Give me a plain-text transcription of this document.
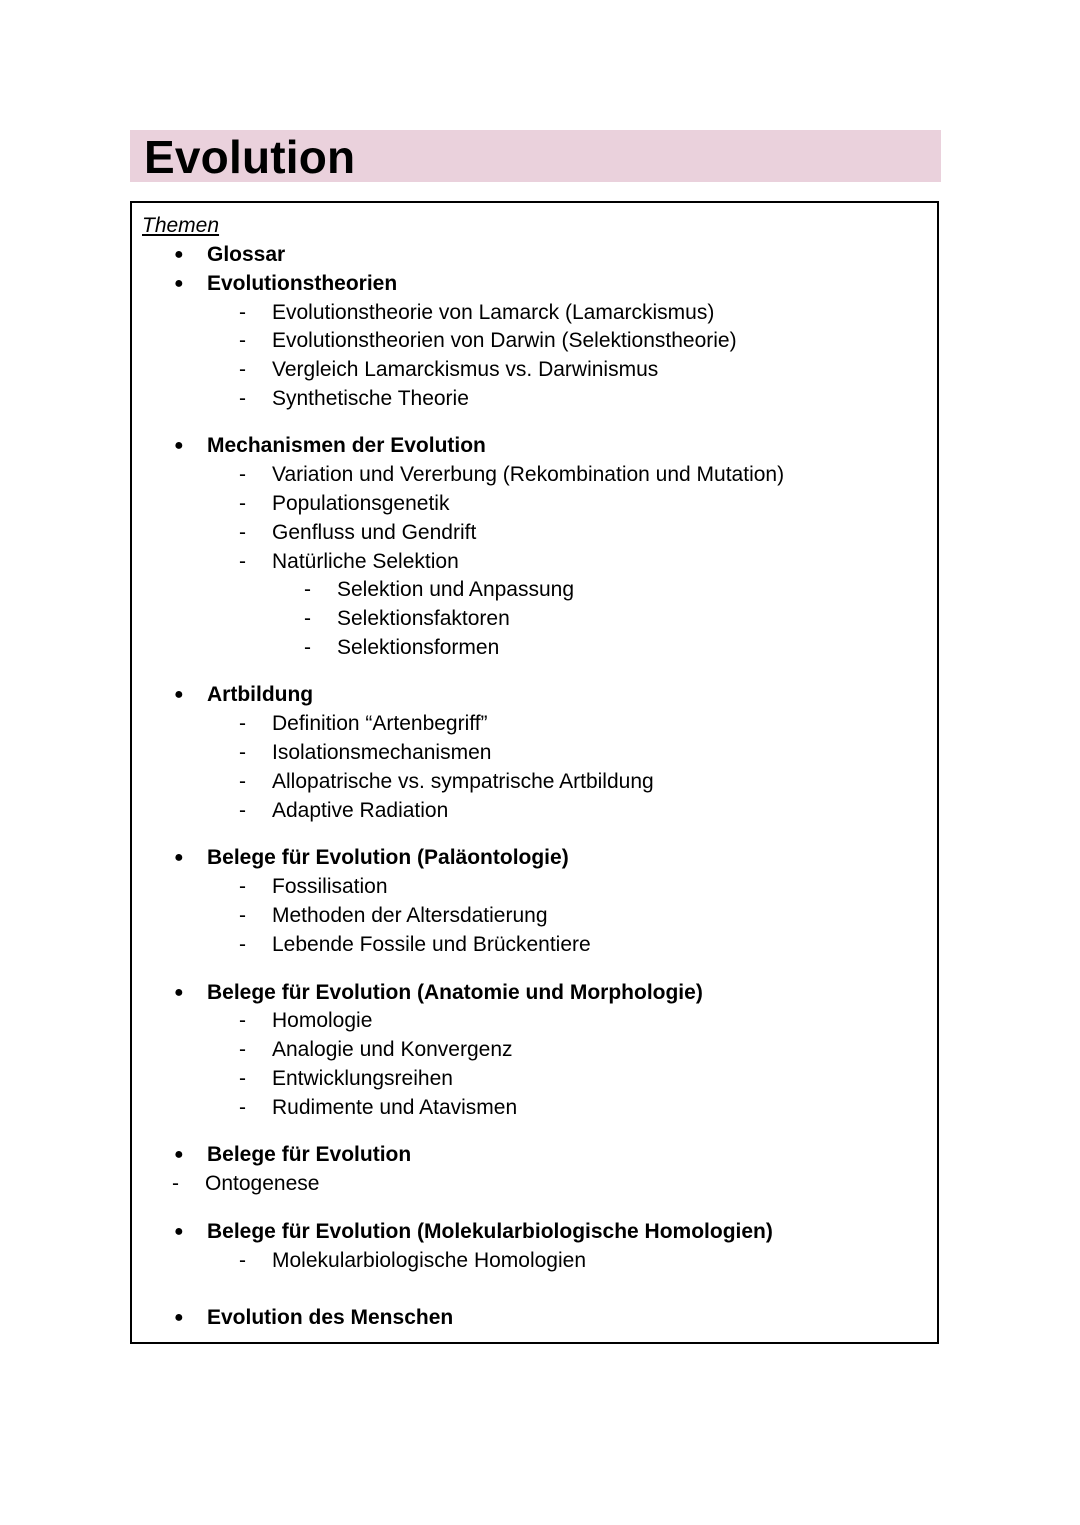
Evolution
Themen
● Glossar
● Evolutionstheorien
- Evolutionstheorie von Lamarck (Lamarckismus)
- Evolutionstheorien von Darwin (Selektionstheorie)
- Vergleich Lamarckismus vs. Darwinismus
- Synthetische Theorie
● Mechanismen der Evolution
- Variation und Vererbung (Rekombination und Mutation)
- Populationsgenetik
- Genfluss und Gendrift
- Natürliche Selektion
- Selektion und Anpassung
- Selektionsfaktoren
- Selektionsformen
● Artbildung
- Definition “Artenbegriff”
- Isolationsmechanismen
- Allopatrische vs. sympatrische Artbildung
- Adaptive Radiation
● Belege für Evolution (Paläontologie)
- Fossilisation
- Methoden der Altersdatierung
- Lebende Fossile und Brückentiere
● Belege für Evolution (Anatomie und Morphologie)
- Homologie
- Analogie und Konvergenz
- Entwicklungsreihen
- Rudimente und Atavismen
● Belege für Evolution
- Ontogenese
● Belege für Evolution (Molekularbiologische Homologien)
- Molekularbiologische Homologien
● Evolution des Menschen
